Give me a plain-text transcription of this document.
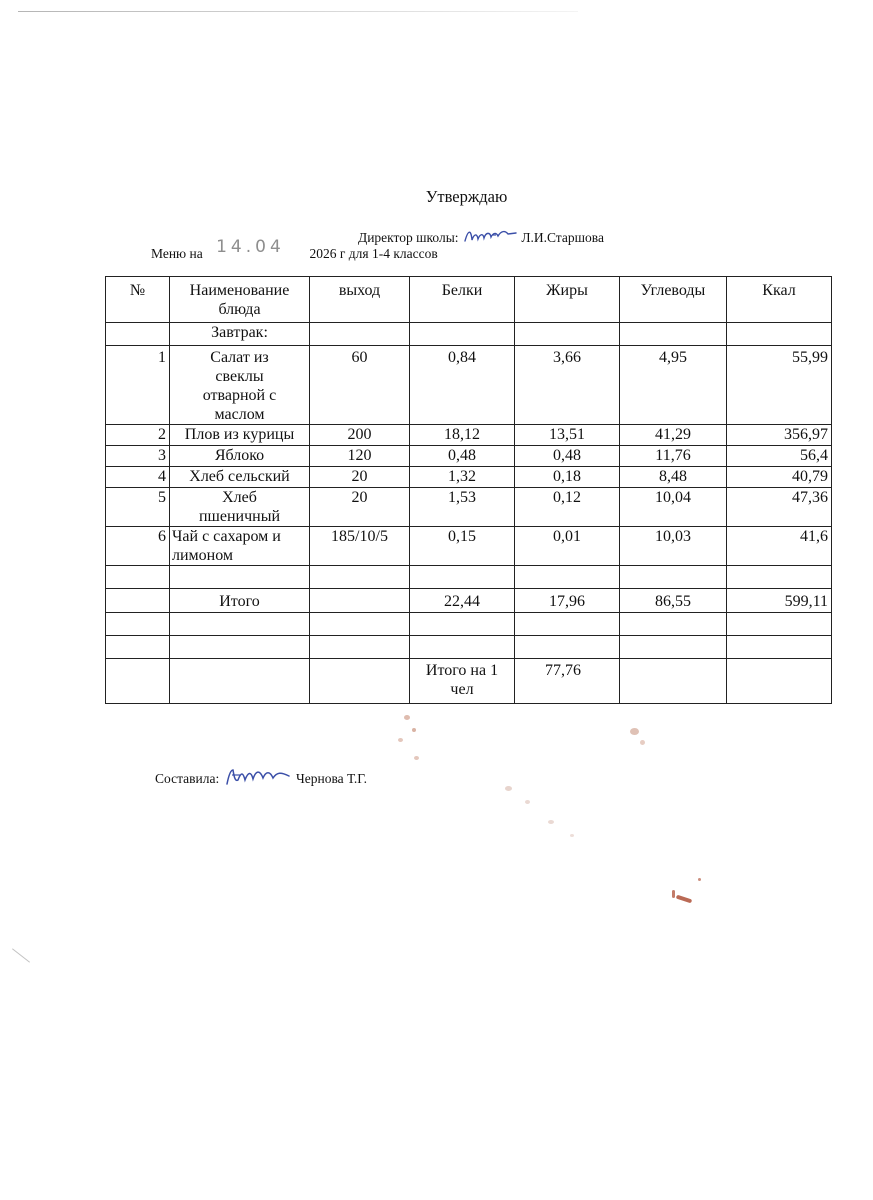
Утверждаю
Директор школы:	Л.И.Старшова
Меню на 14.04 2026 г для 1-4 классов
№	Наименование блюда	выход	Белки	Жиры	Углеводы	Ккал
	Завтрак:					
1	Салат из свеклы отварной с маслом	60	0,84	3,66	4,95	55,99
2	Плов из курицы	200	18,12	13,51	41,29	356,97
3	Яблоко	120	0,48	0,48	11,76	56,4
4	Хлеб сельский	20	1,32	0,18	8,48	40,79
5	Хлеб пшеничный	20	1,53	0,12	10,04	47,36
6	Чай с сахаром и лимоном	185/10/5	0,15	0,01	10,03	41,6

	Итого		22,44	17,96	86,55	599,11

			Итого на 1 чел	77,76		
Составила:	Чернова Т.Г.
